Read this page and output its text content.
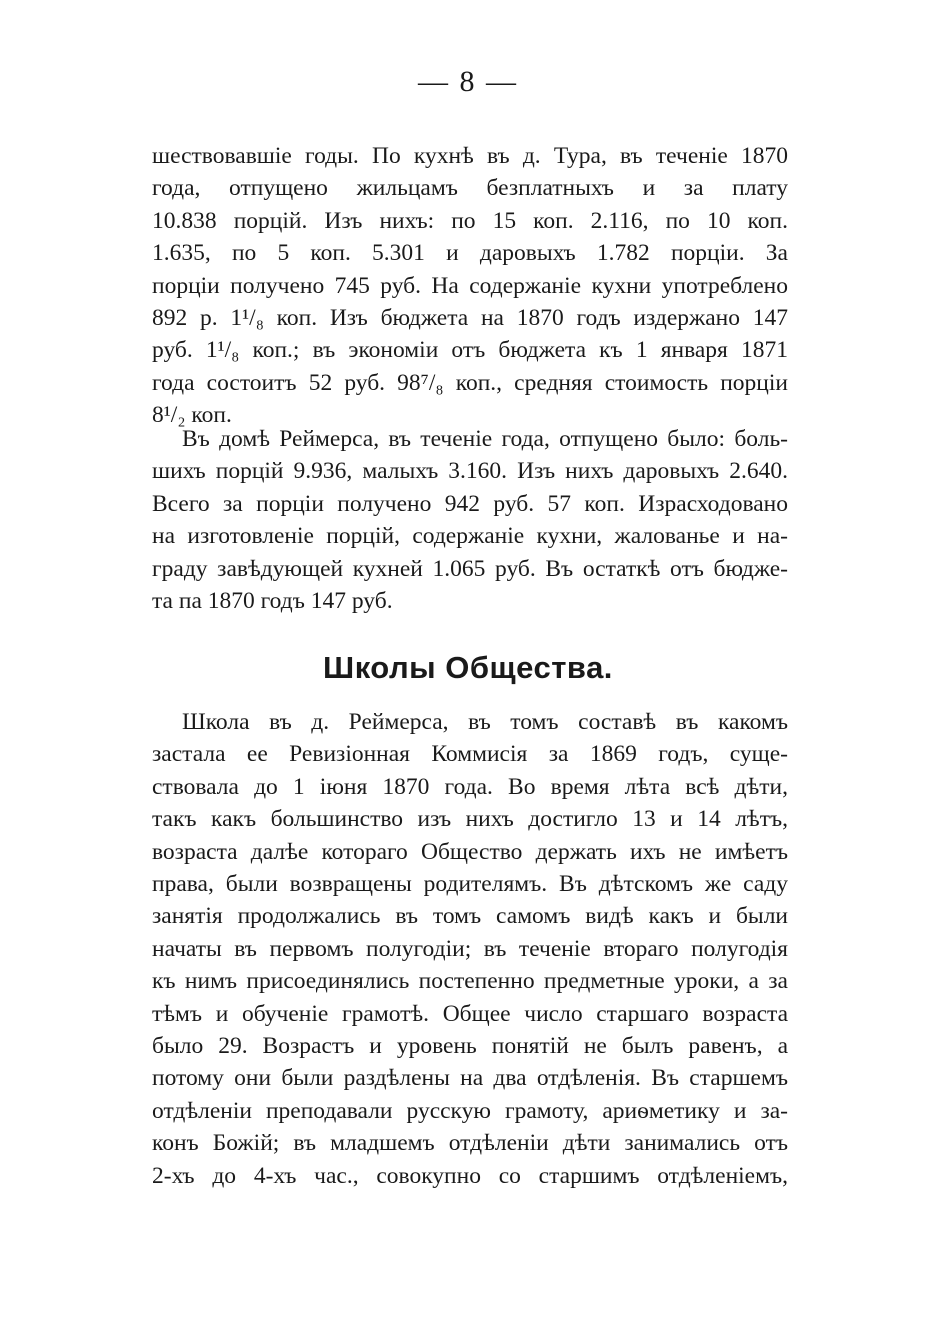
— 8 —

шествовавшiе годы. По кухнѣ въ д. Тура, въ теченiе 1870
года, отпущено жильцамъ безплатныхъ и за плату
10.838 порцiй. Изъ нихъ: по 15 коп. 2.116, по 10 коп.
1.635, по 5 коп. 5.301 и даровыхъ 1.782 порцiи. За
порцiи получено 745 руб. На содержанiе кухни употреблено
892 р. 1¹/₈ коп. Изъ бюджета на 1870 годъ издержано 147
руб. 1¹/₈ коп.; въ экономiи отъ бюджета къ 1 января 1871
года состоитъ 52 руб. 98⁷/₈ коп., средняя стоимость порцiи
8¹/₂ коп.

Въ домѣ Реймерса, въ теченiе года, отпущено было: боль-
шихъ порцiй 9.936, малыхъ 3.160. Изъ нихъ даровыхъ 2.640.
Всего за порцiи получено 942 руб. 57 коп. Израсходовано
на изготовленiе порцiй, содержанiе кухни, жалованье и на-
граду завѣдующей кухней 1.065 руб. Въ остаткѣ отъ бюдже-
та па 1870 годъ 147 руб.

Школы Общества.

Школа въ д. Реймерса, въ томъ составѣ въ какомъ
застала ее Ревизiонная Коммисiя за 1869 годъ, суще-
ствовала до 1 iюня 1870 года. Во время лѣта всѣ дѣти,
такъ какъ большинство изъ нихъ достигло 13 и 14 лѣтъ,
возраста далѣе котораго Общество держать ихъ не имѣетъ
права, были возвращены родителямъ. Въ дѣтскомъ же саду
занятiя продолжались въ томъ самомъ видѣ какъ и были
начаты въ первомъ полугодiи; въ теченiе втораго полугодiя
къ нимъ присоединялись постепенно предметные уроки, а за
тѣмъ и обученiе грамотѣ. Общее число старшаго возраста
было 29. Возрастъ и уровень понятiй не былъ равенъ, а
потому они были раздѣлены на два отдѣленiя. Въ старшемъ
отдѣленiи преподавали русскую грамоту, ариѳметику и за-
конъ Божiй; въ младшемъ отдѣленiи дѣти занимались отъ
2-хъ до 4-хъ час., совокупно со старшимъ отдѣленiемъ,
